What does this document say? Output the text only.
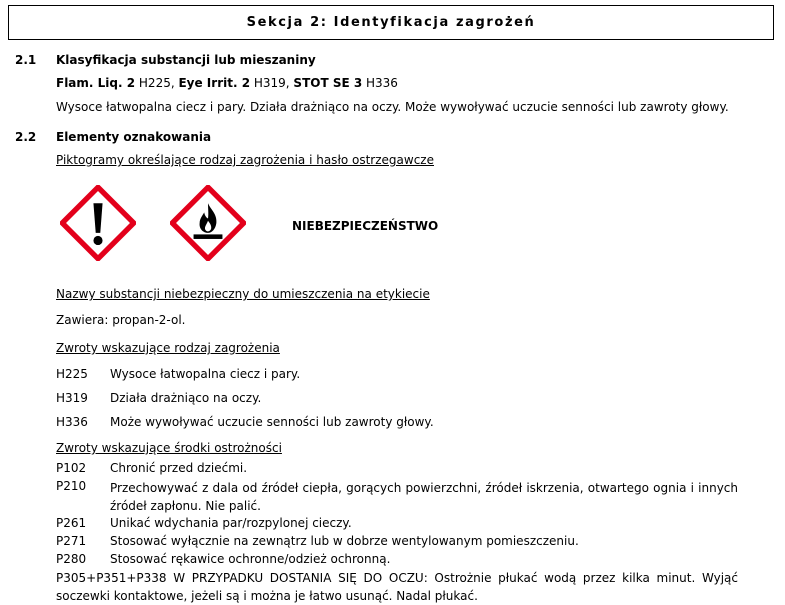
Sekcja 2: Identyfikacja zagrożeń
2.1 Klasyfikacja substancji lub mieszaniny
Flam. Liq. 2 H225, Eye Irrit. 2 H319, STOT SE 3 H336
Wysoce łatwopalna ciecz i pary. Działa drażniąco na oczy. Może wywoływać uczucie senności lub zawroty głowy.
2.2 Elementy oznakowania
Piktogramy określające rodzaj zagrożenia i hasło ostrzegawcze
NIEBEZPIECZEŃSTWO
Nazwy substancji niebezpieczny do umieszczenia na etykiecie
Zawiera: propan-2-ol.
Zwroty wskazujące rodzaj zagrożenia
H225 Wysoce łatwopalna ciecz i pary.
H319 Działa drażniąco na oczy.
H336 Może wywoływać uczucie senności lub zawroty głowy.
Zwroty wskazujące środki ostrożności
P102 Chronić przed dziećmi.
P210 Przechowywać z dala od źródeł ciepła, gorących powierzchni, źródeł iskrzenia, otwartego ognia i innych źródeł zapłonu. Nie palić.
P261 Unikać wdychania par/rozpylonej cieczy.
P271 Stosować wyłącznie na zewnątrz lub w dobrze wentylowanym pomieszczeniu.
P280 Stosować rękawice ochronne/odzież ochronną.
P305+P351+P338 W PRZYPADKU DOSTANIA SIĘ DO OCZU: Ostrożnie płukać wodą przez kilka minut. Wyjąć soczewki kontaktowe, jeżeli są i można je łatwo usunąć. Nadal płukać.
